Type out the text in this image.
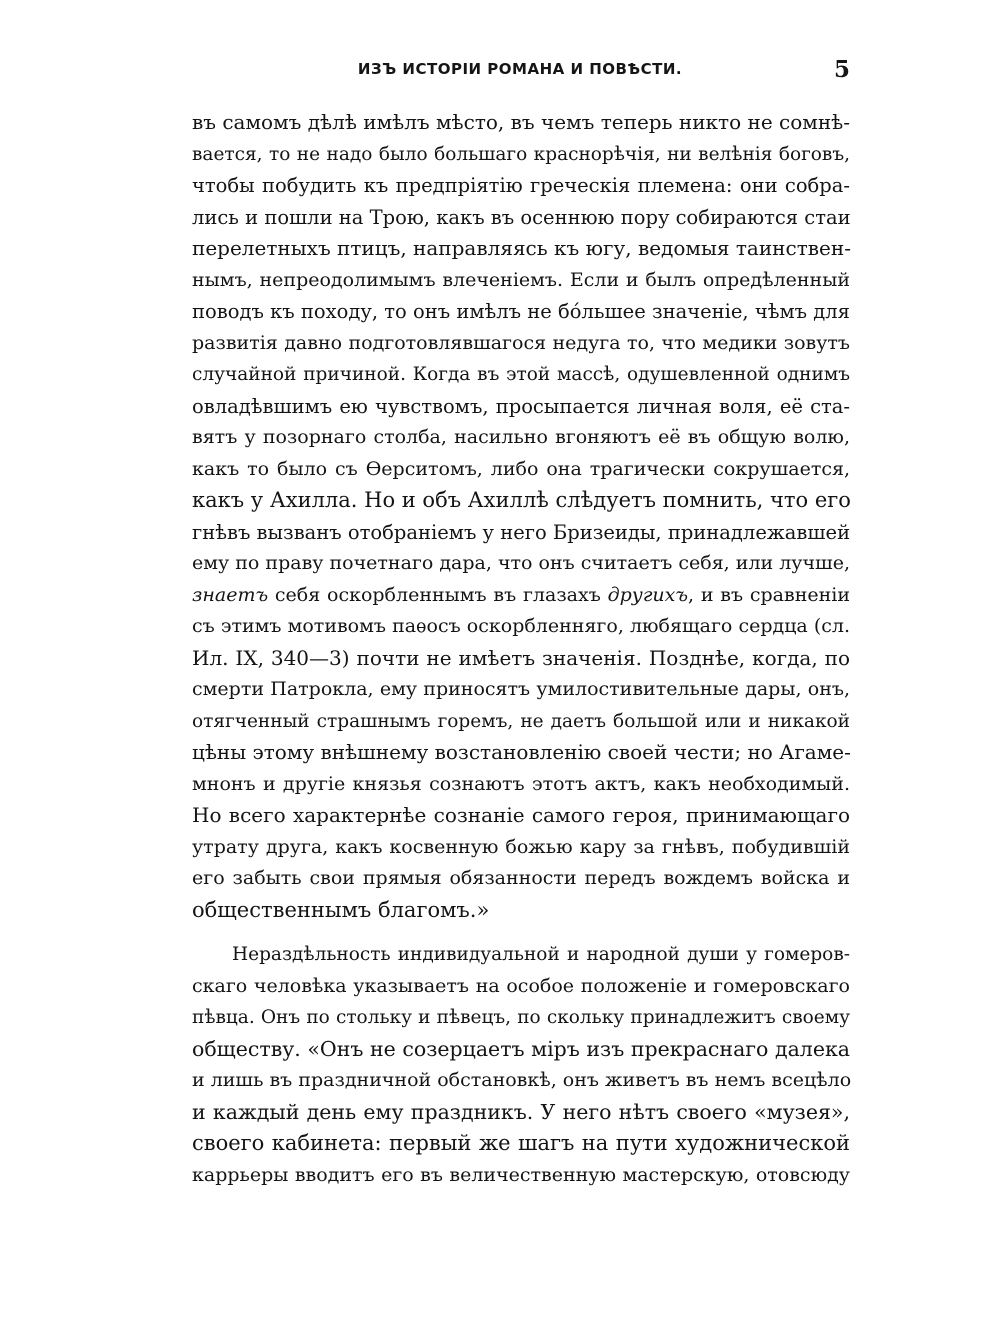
ИЗЪ ИСТОРІИ РОМАНА И ПОВѢСТИ.	5
въ самомъ дѣлѣ имѣлъ мѣсто, въ чемъ теперь никто не сомнѣ-
вается, то не надо было большаго краснорѣчія, ни велѣнія боговъ,
чтобы побудить къ предпріятію греческія племена: они собра-
лись и пошли на Трою, какъ въ осеннюю пору собираются стаи
перелетныхъ птицъ, направляясь къ югу, ведомыя таинствен-
нымъ, непреодолимымъ влеченіемъ. Если и былъ опредѣленный
поводъ къ походу, то онъ имѣлъ не бо́льшее значеніе, чѣмъ для
развитія давно подготовлявшагося недуга то, что медики зовутъ
случайной причиной. Когда въ этой массѣ, одушевленной однимъ
овладѣвшимъ ею чувствомъ, просыпается личная воля, её ста-
вятъ у позорнаго столба, насильно вгоняютъ её въ общую волю,
какъ то было съ Ѳерситомъ, либо она трагически сокрушается,
какъ у Ахилла. Но и объ Ахиллѣ слѣдуетъ помнить, что его
гнѣвъ вызванъ отобраніемъ у него Бризеиды, принадлежавшей
ему по праву почетнаго дара, что онъ считаетъ себя, или лучше,
знаетъ себя оскорбленнымъ въ глазахъ другихъ, и въ сравненіи
съ этимъ мотивомъ паѳосъ оскорбленняго, любящаго сердца (сл.
Ил. IX, 340—3) почти не имѣетъ значенія. Позднѣе, когда, по
смерти Патрокла, ему приносятъ умилостивительные дары, онъ,
отягченный страшнымъ горемъ, не даетъ большой или и никакой
цѣны этому внѣшнему возстановленію своей чести; но Агаме-
мнонъ и другіе князья сознаютъ этотъ актъ, какъ необходимый.
Но всего характернѣе сознаніе самого героя, принимающаго
утрату друга, какъ косвенную божью кару за гнѣвъ, побудившій
его забыть свои прямыя обязанности передъ вождемъ войска и
общественнымъ благомъ.»
Нераздѣльность индивидуальной и народной души у гомеров-
скаго человѣка указываетъ на особое положеніе и гомеровскаго
пѣвца. Онъ по стольку и пѣвецъ, по скольку принадлежитъ своему
обществу. «Онъ не созерцаетъ міръ изъ прекраснаго далека
и лишь въ праздничной обстановкѣ, онъ живетъ въ немъ всецѣло
и каждый день ему праздникъ. У него нѣтъ своего «музея»,
своего кабинета: первый же шагъ на пути художнической
каррьеры вводитъ его въ величественную мастерскую, отовсюду
